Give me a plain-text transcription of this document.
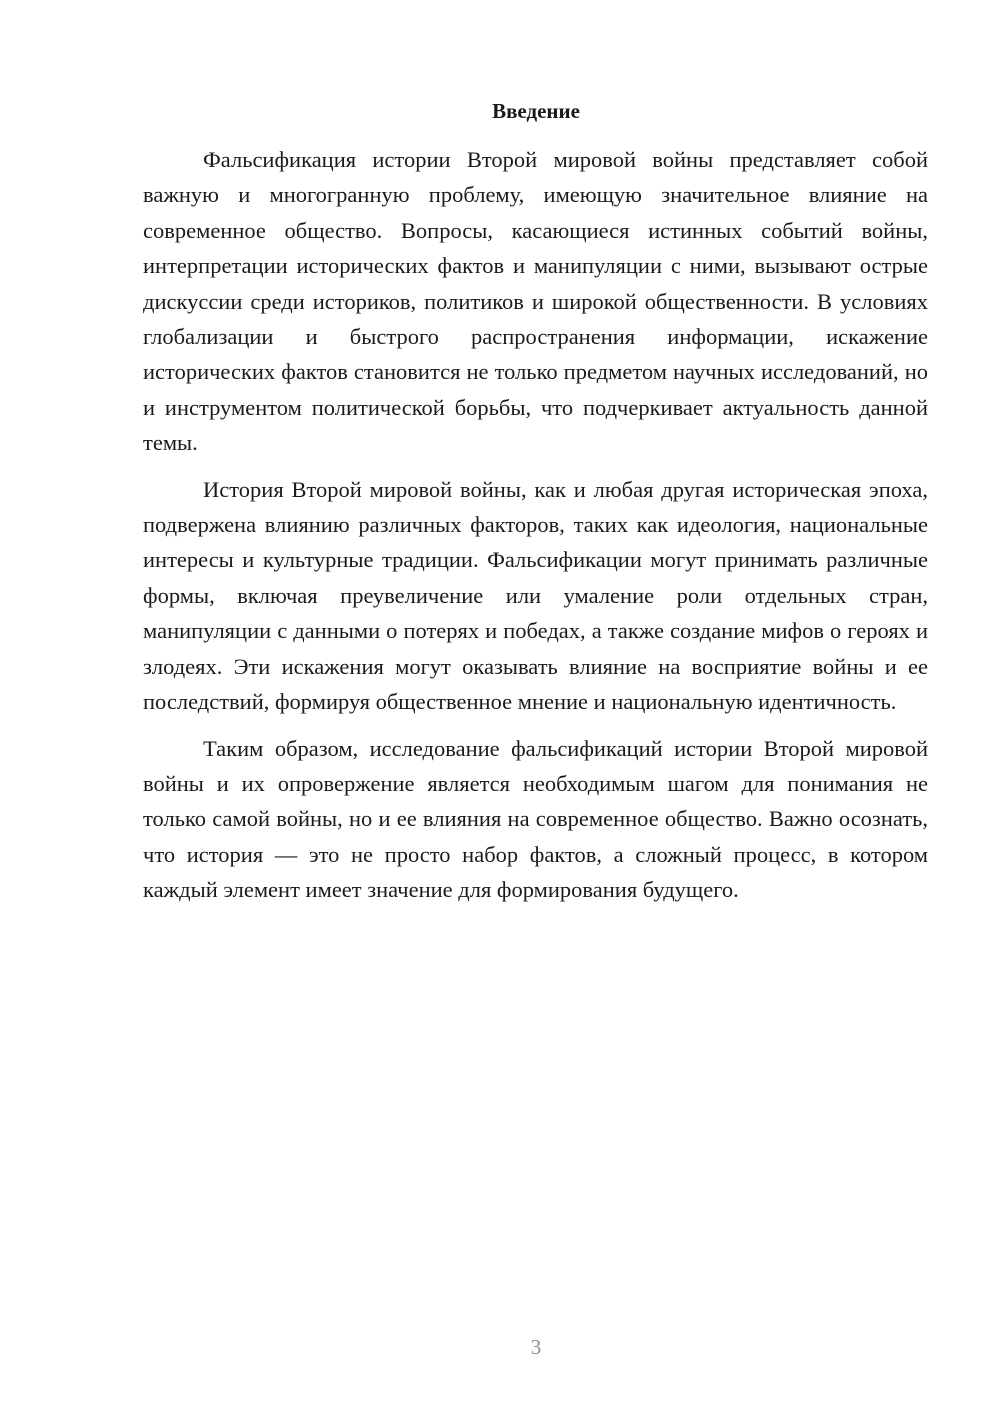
Введение

Фальсификация истории Второй мировой войны представляет собой важную и многогранную проблему, имеющую значительное влияние на современное общество. Вопросы, касающиеся истинных событий войны, интерпретации исторических фактов и манипуляции с ними, вызывают острые дискуссии среди историков, политиков и широкой общественности. В условиях глобализации и быстрого распространения информации, искажение исторических фактов становится не только предметом научных исследований, но и инструментом политической борьбы, что подчеркивает актуальность данной темы.

История Второй мировой войны, как и любая другая историческая эпоха, подвержена влиянию различных факторов, таких как идеология, национальные интересы и культурные традиции. Фальсификации могут принимать различные формы, включая преувеличение или умаление роли отдельных стран, манипуляции с данными о потерях и победах, а также создание мифов о героях и злодеях. Эти искажения могут оказывать влияние на восприятие войны и ее последствий, формируя общественное мнение и национальную идентичность.

Таким образом, исследование фальсификаций истории Второй мировой войны и их опровержение является необходимым шагом для понимания не только самой войны, но и ее влияния на современное общество. Важно осознать, что история — это не просто набор фактов, а сложный процесс, в котором каждый элемент имеет значение для формирования будущего.

3
